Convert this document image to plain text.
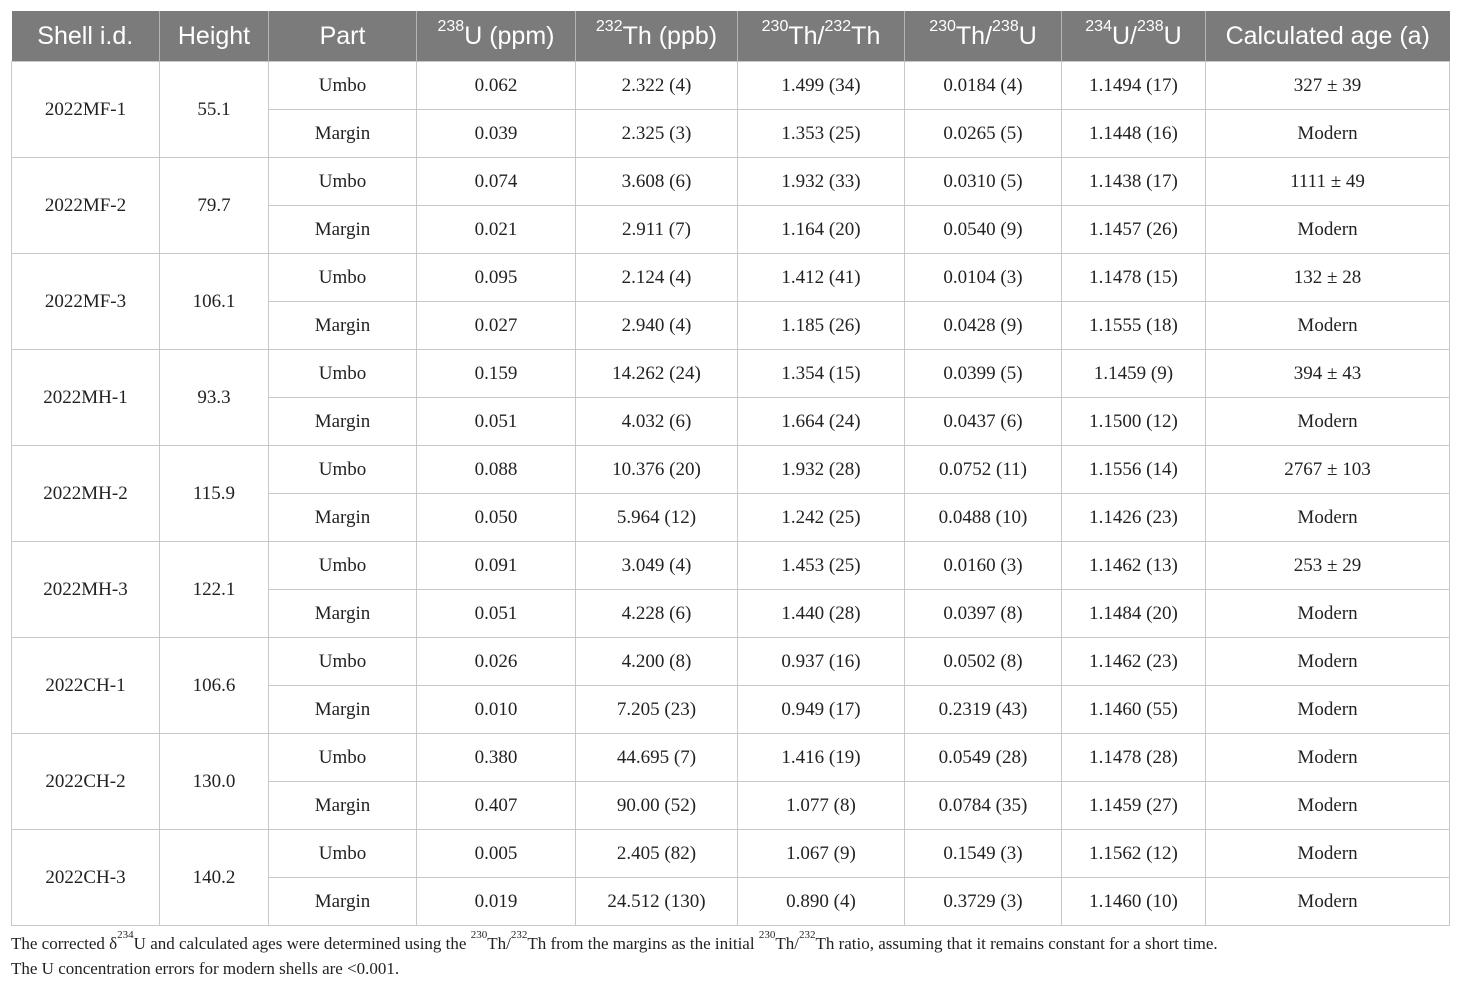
Shell i.d.	Height	Part	$^{238}$U (ppm)	$^{232}$Th (ppb)	$^{230}$Th/$^{232}$Th	$^{230}$Th/$^{238}$U	$^{234}$U/$^{238}$U	Calculated age (a)
2022MF-1	55.1	Umbo	0.062	2.322 (4)	1.499 (34)	0.0184 (4)	1.1494 (17)	327 ± 39
		Margin	0.039	2.325 (3)	1.353 (25)	0.0265 (5)	1.1448 (16)	Modern
2022MF-2	79.7	Umbo	0.074	3.608 (6)	1.932 (33)	0.0310 (5)	1.1438 (17)	1111 ± 49
		Margin	0.021	2.911 (7)	1.164 (20)	0.0540 (9)	1.1457 (26)	Modern
2022MF-3	106.1	Umbo	0.095	2.124 (4)	1.412 (41)	0.0104 (3)	1.1478 (15)	132 ± 28
		Margin	0.027	2.940 (4)	1.185 (26)	0.0428 (9)	1.1555 (18)	Modern
2022MH-1	93.3	Umbo	0.159	14.262 (24)	1.354 (15)	0.0399 (5)	1.1459 (9)	394 ± 43
		Margin	0.051	4.032 (6)	1.664 (24)	0.0437 (6)	1.1500 (12)	Modern
2022MH-2	115.9	Umbo	0.088	10.376 (20)	1.932 (28)	0.0752 (11)	1.1556 (14)	2767 ± 103
		Margin	0.050	5.964 (12)	1.242 (25)	0.0488 (10)	1.1426 (23)	Modern
2022MH-3	122.1	Umbo	0.091	3.049 (4)	1.453 (25)	0.0160 (3)	1.1462 (13)	253 ± 29
		Margin	0.051	4.228 (6)	1.440 (28)	0.0397 (8)	1.1484 (20)	Modern
2022CH-1	106.6	Umbo	0.026	4.200 (8)	0.937 (16)	0.0502 (8)	1.1462 (23)	Modern
		Margin	0.010	7.205 (23)	0.949 (17)	0.2319 (43)	1.1460 (55)	Modern
2022CH-2	130.0	Umbo	0.380	44.695 (7)	1.416 (19)	0.0549 (28)	1.1478 (28)	Modern
		Margin	0.407	90.00 (52)	1.077 (8)	0.0784 (35)	1.1459 (27)	Modern
2022CH-3	140.2	Umbo	0.005	2.405 (82)	1.067 (9)	0.1549 (3)	1.1562 (12)	Modern
		Margin	0.019	24.512 (130)	0.890 (4)	0.3729 (3)	1.1460 (10)	Modern
The corrected $\delta^{234}U$ and calculated ages were determined using the $^{230}$Th/$^{232}$Th from the margins as the initial $^{230}$Th/$^{232}$Th ratio, assuming that it remains constant for a short time.
The U concentration errors for modern shells are <0.001.
